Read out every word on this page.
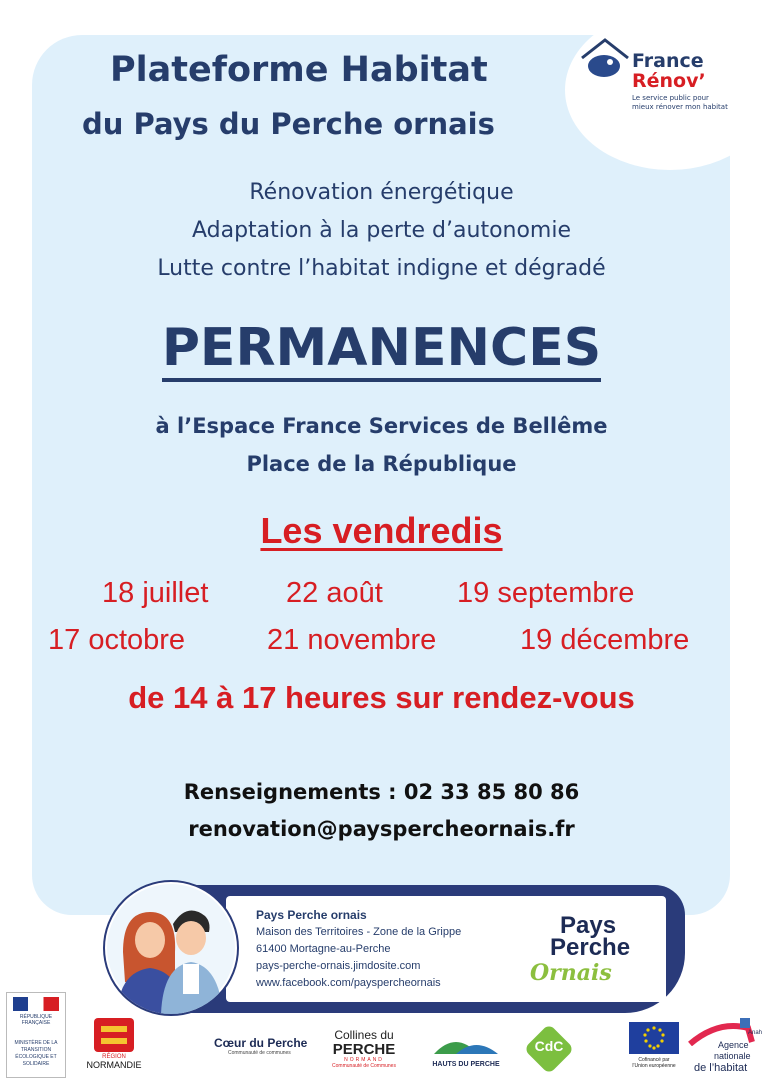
France
Rénov’
Le service public pour mieux rénover mon habitat
Plateforme Habitat
du Pays du Perche ornais
Rénovation énergétique
Adaptation à la perte d’autonomie
Lutte contre l’habitat indigne et dégradé
PERMANENCES
à l’Espace France Services de Bellême
Place de la République
Les vendredis
18 juillet	22 août	19 septembre
17 octobre	21 novembre	19 décembre
de 14 à 17 heures sur rendez-vous
Renseignements : 02 33 85 80 86
renovation@payspercheornais.fr
Pays Perche ornais
Maison des Territoires - Zone de la Grippe
61400 Mortagne-au-Perche
pays-perche-ornais.jimdosite.com
www.facebook.com/payspercheornais
Pays
Perche
Ornais
RÉPUBLIQUE FRANÇAISE
MINISTÈRE DE LA TRANSITION ÉCOLOGIQUE ET SOLIDAIRE
RÉGION
NORMANDIE
Cœur du Perche
Communauté de communes
Collines du
PERCHE
NORMAND
Communauté de Communes	HAUTS DU PERCHE
CdC
Cofinancé par
l’Union européenne
Agence
nationale
de l’habitat
Anah
